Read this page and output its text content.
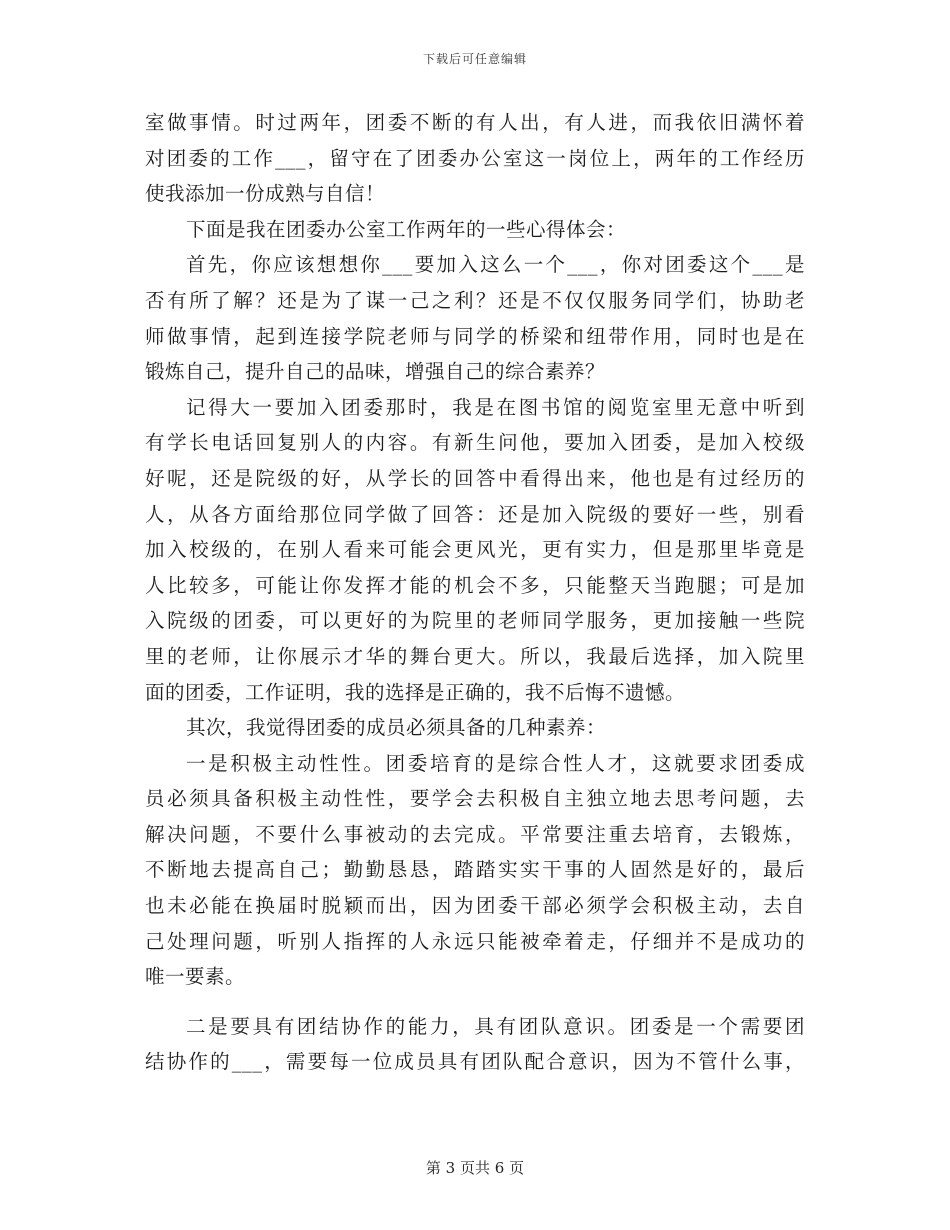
下载后可任意编辑
室做事情。时过两年，团委不断的有人出，有人进，而我依旧满怀着
对团委的工作___，留守在了团委办公室这一岗位上，两年的工作经历
使我添加一份成熟与自信！
下面是我在团委办公室工作两年的一些心得体会：
首先，你应该想想你___要加入这么一个___，你对团委这个___是
否有所了解？还是为了谋一己之利？还是不仅仅服务同学们，协助老
师做事情，起到连接学院老师与同学的桥梁和纽带作用，同时也是在
锻炼自己，提升自己的品味，增强自己的综合素养？
记得大一要加入团委那时，我是在图书馆的阅览室里无意中听到
有学长电话回复别人的内容。有新生问他，要加入团委，是加入校级
好呢，还是院级的好，从学长的回答中看得出来，他也是有过经历的
人，从各方面给那位同学做了回答：还是加入院级的要好一些，别看
加入校级的，在别人看来可能会更风光，更有实力，但是那里毕竟是
人比较多，可能让你发挥才能的机会不多，只能整天当跑腿；可是加
入院级的团委，可以更好的为院里的老师同学服务，更加接触一些院
里的老师，让你展示才华的舞台更大。所以，我最后选择，加入院里
面的团委，工作证明，我的选择是正确的，我不后悔不遗憾。
其次，我觉得团委的成员必须具备的几种素养：
一是积极主动性性。团委培育的是综合性人才，这就要求团委成
员必须具备积极主动性性，要学会去积极自主独立地去思考问题，去
解决问题，不要什么事被动的去完成。平常要注重去培育，去锻炼，
不断地去提高自己；勤勤恳恳，踏踏实实干事的人固然是好的，最后
也未必能在换届时脱颖而出，因为团委干部必须学会积极主动，去自
己处理问题，听别人指挥的人永远只能被牵着走，仔细并不是成功的
唯一要素。
二是要具有团结协作的能力，具有团队意识。团委是一个需要团
结协作的___，需要每一位成员具有团队配合意识，因为不管什么事，
第 3 页共 6 页
